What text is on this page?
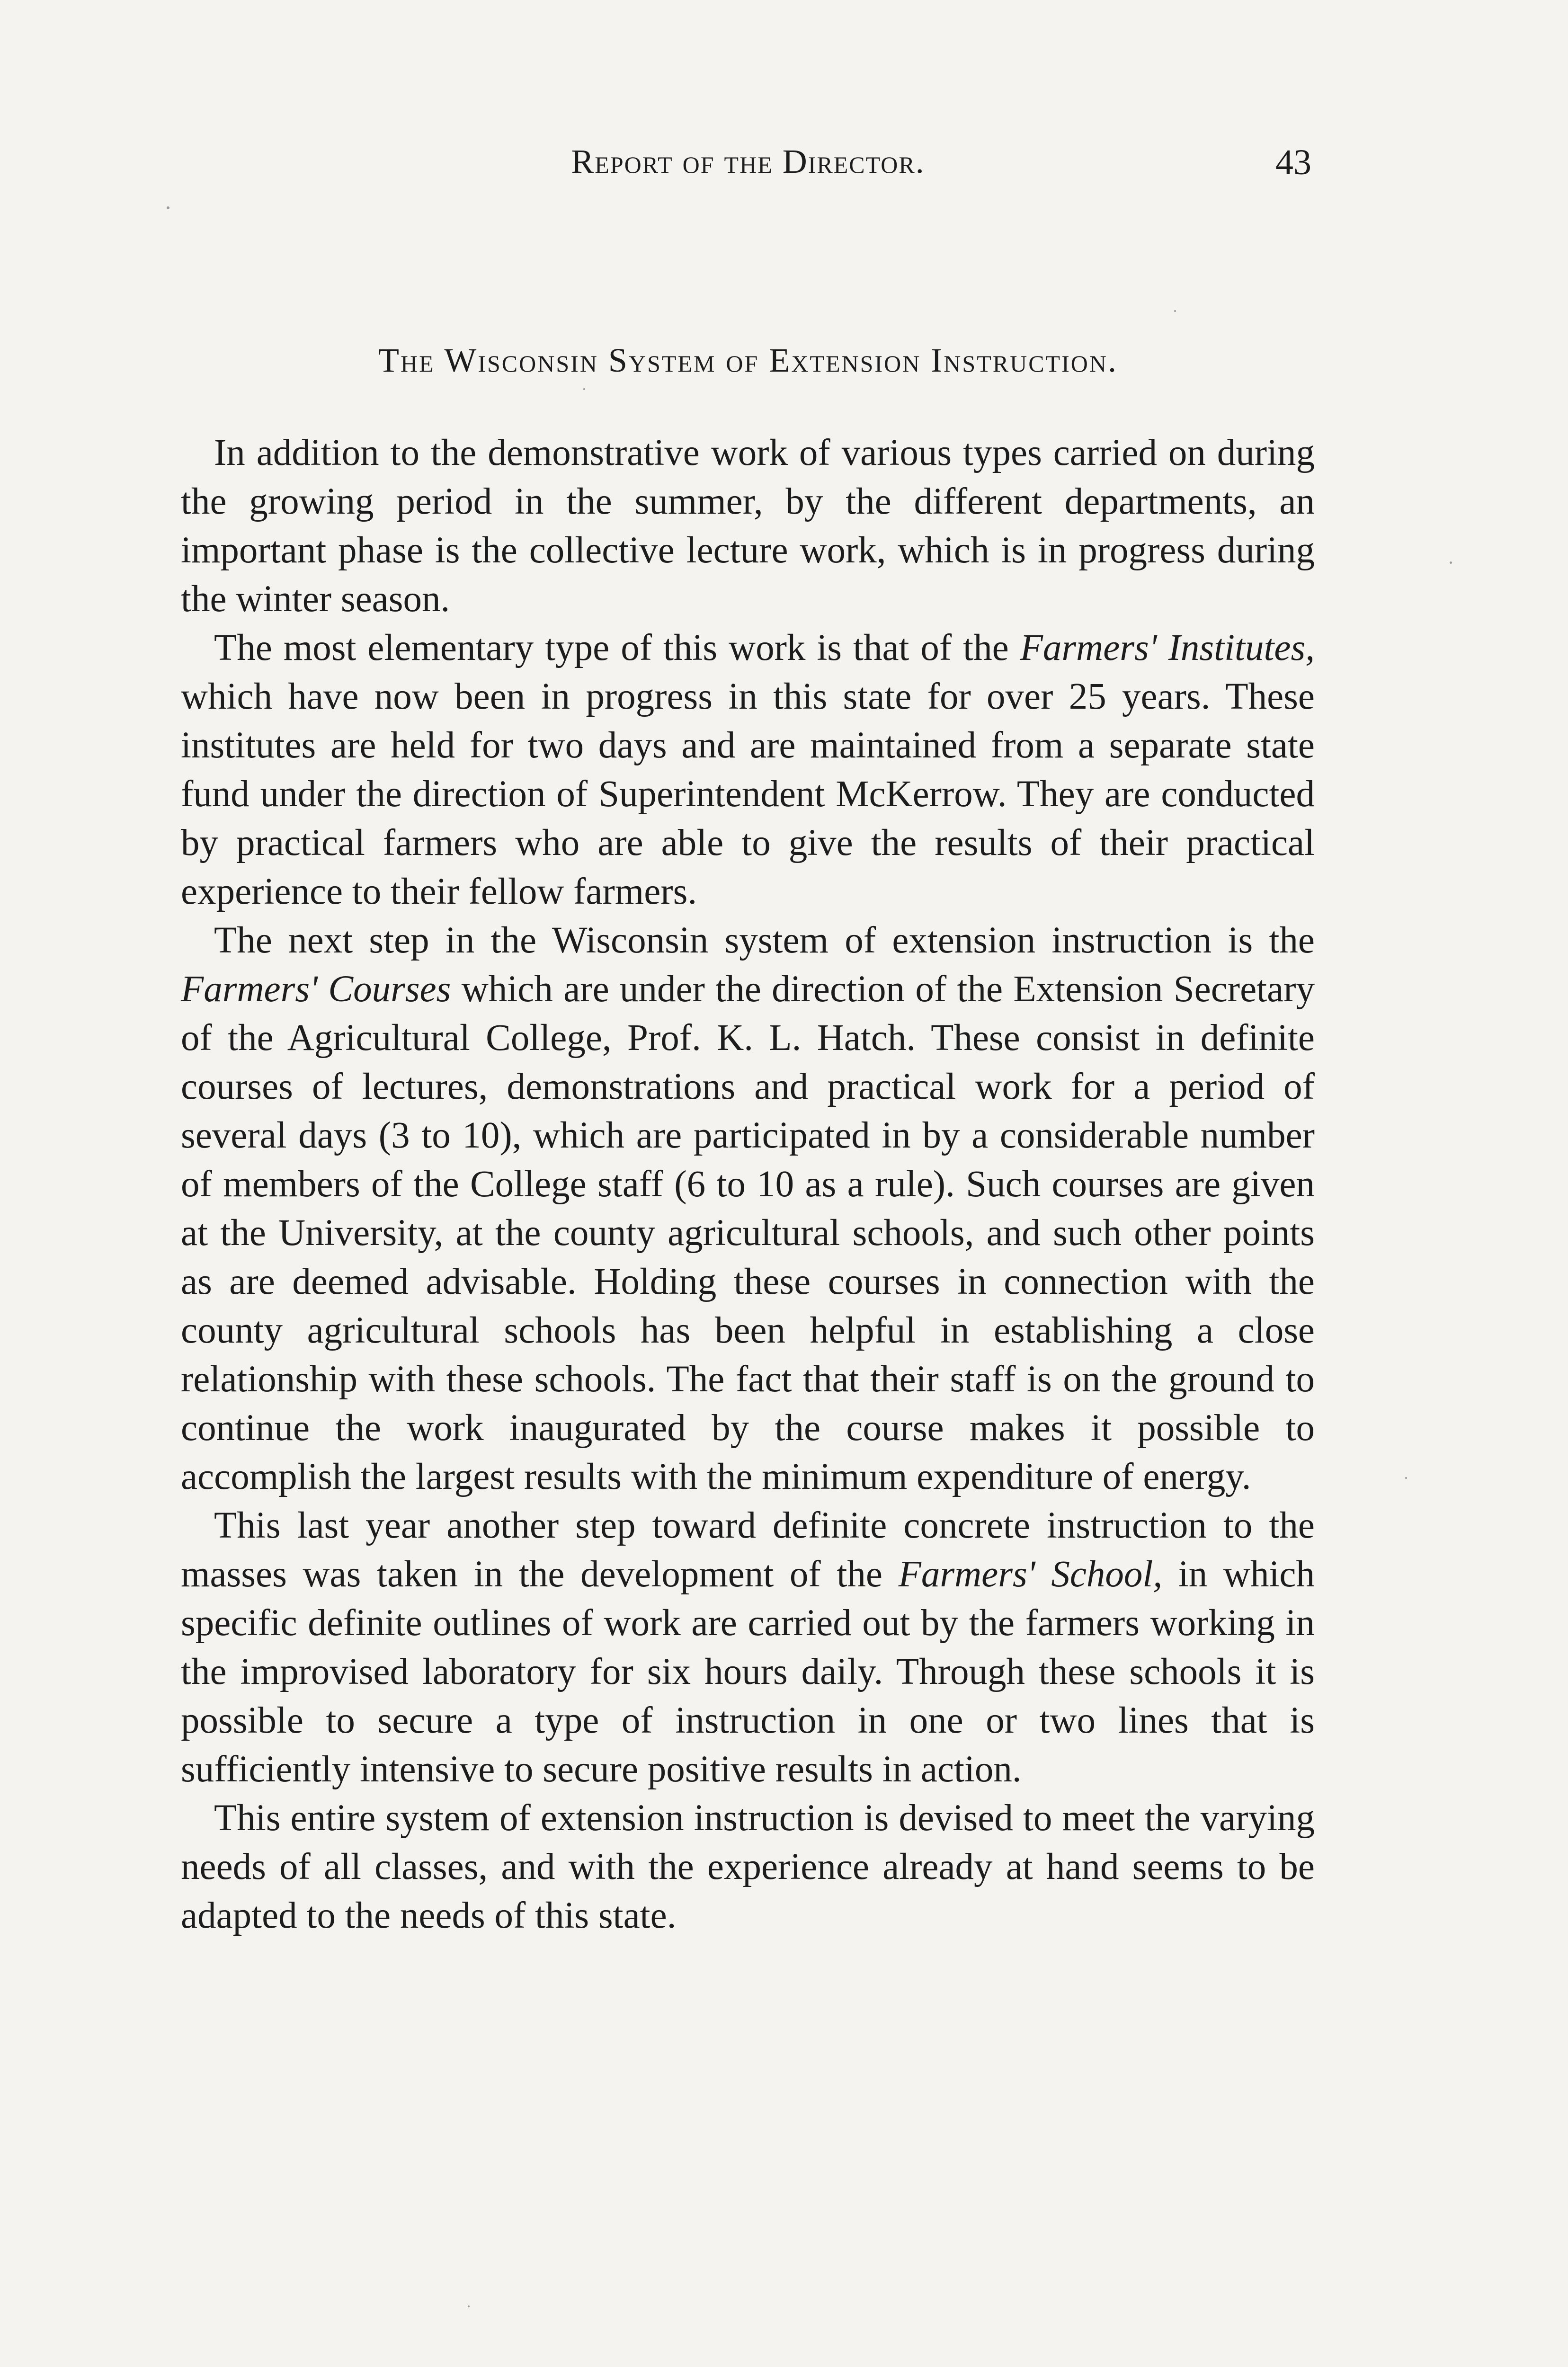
Report of the Director.	43
The Wisconsin System of Extension Instruction.

In addition to the demonstrative work of various types carried on during the growing period in the summer, by the different departments, an important phase is the collective lecture work, which is in progress during the winter season.

The most elementary type of this work is that of the Farmers' Institutes, which have now been in progress in this state for over 25 years. These institutes are held for two days and are maintained from a separate state fund under the direction of Superintendent McKerrow. They are conducted by practical farmers who are able to give the results of their practical experience to their fellow farmers.

The next step in the Wisconsin system of extension instruction is the Farmers' Courses which are under the direction of the Extension Secretary of the Agricultural College, Prof. K. L. Hatch. These consist in definite courses of lectures, demonstrations and practical work for a period of several days (3 to 10), which are participated in by a considerable number of members of the College staff (6 to 10 as a rule). Such courses are given at the University, at the county agricultural schools, and such other points as are deemed advisable. Holding these courses in connection with the county agricultural schools has been helpful in establishing a close relationship with these schools. The fact that their staff is on the ground to continue the work inaugurated by the course makes it possible to accomplish the largest results with the minimum expenditure of energy.

This last year another step toward definite concrete instruction to the masses was taken in the development of the Farmers' School, in which specific definite outlines of work are carried out by the farmers working in the improvised laboratory for six hours daily. Through these schools it is possible to secure a type of instruction in one or two lines that is sufficiently intensive to secure positive results in action.

This entire system of extension instruction is devised to meet the varying needs of all classes, and with the experience already at hand seems to be adapted to the needs of this state.
